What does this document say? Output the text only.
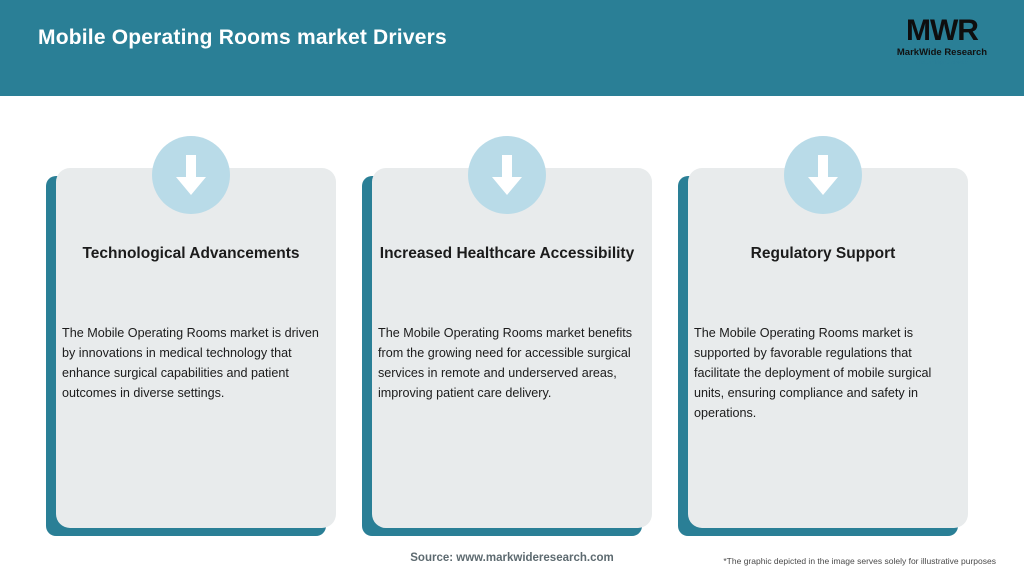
Mobile Operating Rooms market Drivers	MWR
MarkWide Research
Inspiring Growth
Technological Advancements	Increased Healthcare Accessibility	Regulatory Support
The Mobile Operating Rooms market is driven by innovations in medical technology that enhance surgical capabilities and patient outcomes in diverse settings.
The Mobile Operating Rooms market benefits from the growing need for accessible surgical services in remote and underserved areas, improving patient care delivery.
The Mobile Operating Rooms market is supported by favorable regulations that facilitate the deployment of mobile surgical units, ensuring compliance and safety in operations.
Source: www.markwideresearch.com	*The graphic depicted in the image serves solely for illustrative purposes
